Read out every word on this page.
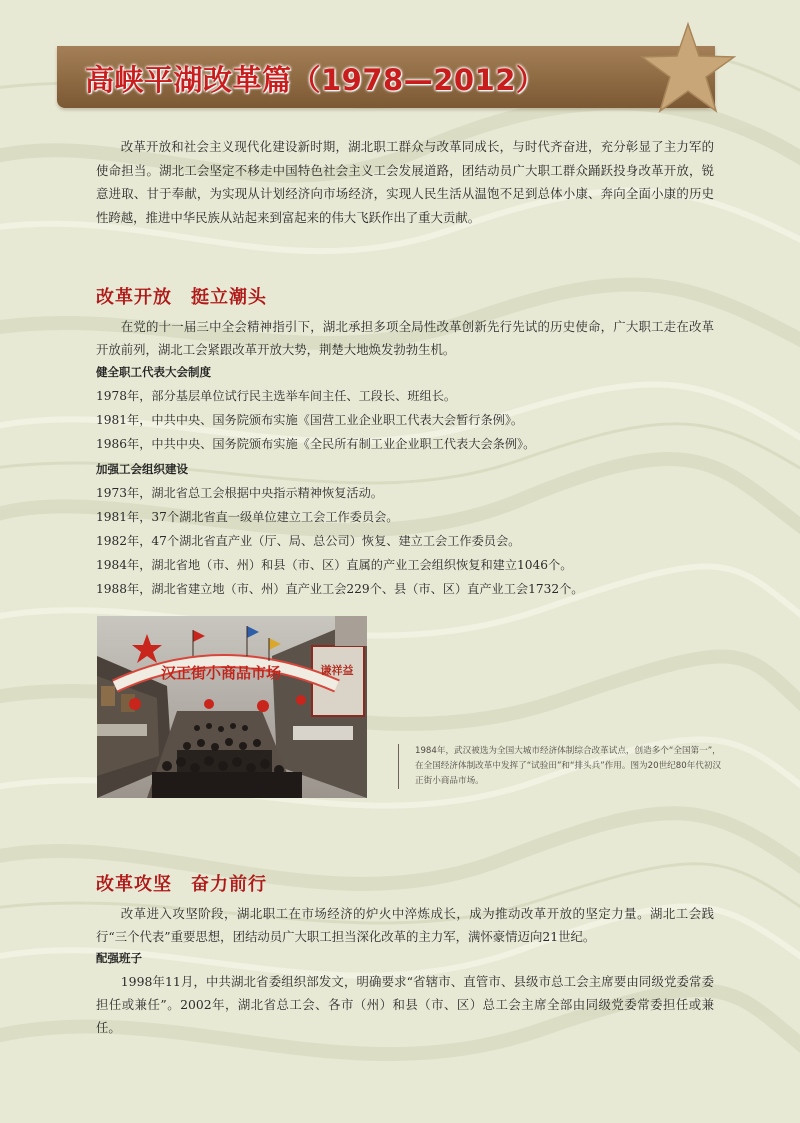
高峡平湖改革篇（1978—2012）
改革开放和社会主义现代化建设新时期，湖北职工群众与改革同成长，与时代齐奋进，充分彰显了主力军的使命担当。湖北工会坚定不移走中国特色社会主义工会发展道路，团结动员广大职工群众踊跃投身改革开放，锐意进取、甘于奉献，为实现从计划经济向市场经济，实现人民生活从温饱不足到总体小康、奔向全面小康的历史性跨越，推进中华民族从站起来到富起来的伟大飞跃作出了重大贡献。
改革开放　挺立潮头
在党的十一届三中全会精神指引下，湖北承担多项全局性改革创新先行先试的历史使命，广大职工走在改革开放前列，湖北工会紧跟改革开放大势，荆楚大地焕发勃勃生机。
健全职工代表大会制度
1978年，部分基层单位试行民主选举车间主任、工段长、班组长。
1981年，中共中央、国务院颁布实施《国营工业企业职工代表大会暂行条例》。
1986年，中共中央、国务院颁布实施《全民所有制工业企业职工代表大会条例》。
加强工会组织建设
1973年，湖北省总工会根据中央指示精神恢复活动。
1981年，37个湖北省直一级单位建立工会工作委员会。
1982年，47个湖北省直产业（厅、局、总公司）恢复、建立工会工作委员会。
1984年，湖北省地（市、州）和县（市、区）直属的产业工会组织恢复和建立1046个。
1988年，湖北省建立地（市、州）直产业工会229个、县（市、区）直产业工会1732个。
汉正街小商品市场	谦祥益
1984年，武汉被选为全国大城市经济体制综合改革试点，创造多个“全国第一”，在全国经济体制改革中发挥了“试验田”和“排头兵”作用。图为20世纪80年代初汉正街小商品市场。
改革攻坚　奋力前行
改革进入攻坚阶段，湖北职工在市场经济的炉火中淬炼成长，成为推动改革开放的坚定力量。湖北工会践行“三个代表”重要思想，团结动员广大职工担当深化改革的主力军，满怀豪情迈向21世纪。
配强班子
1998年11月，中共湖北省委组织部发文，明确要求“省辖市、直管市、县级市总工会主席要由同级党委常委担任或兼任”。2002年，湖北省总工会、各市（州）和县（市、区）总工会主席全部由同级党委常委担任或兼任。
